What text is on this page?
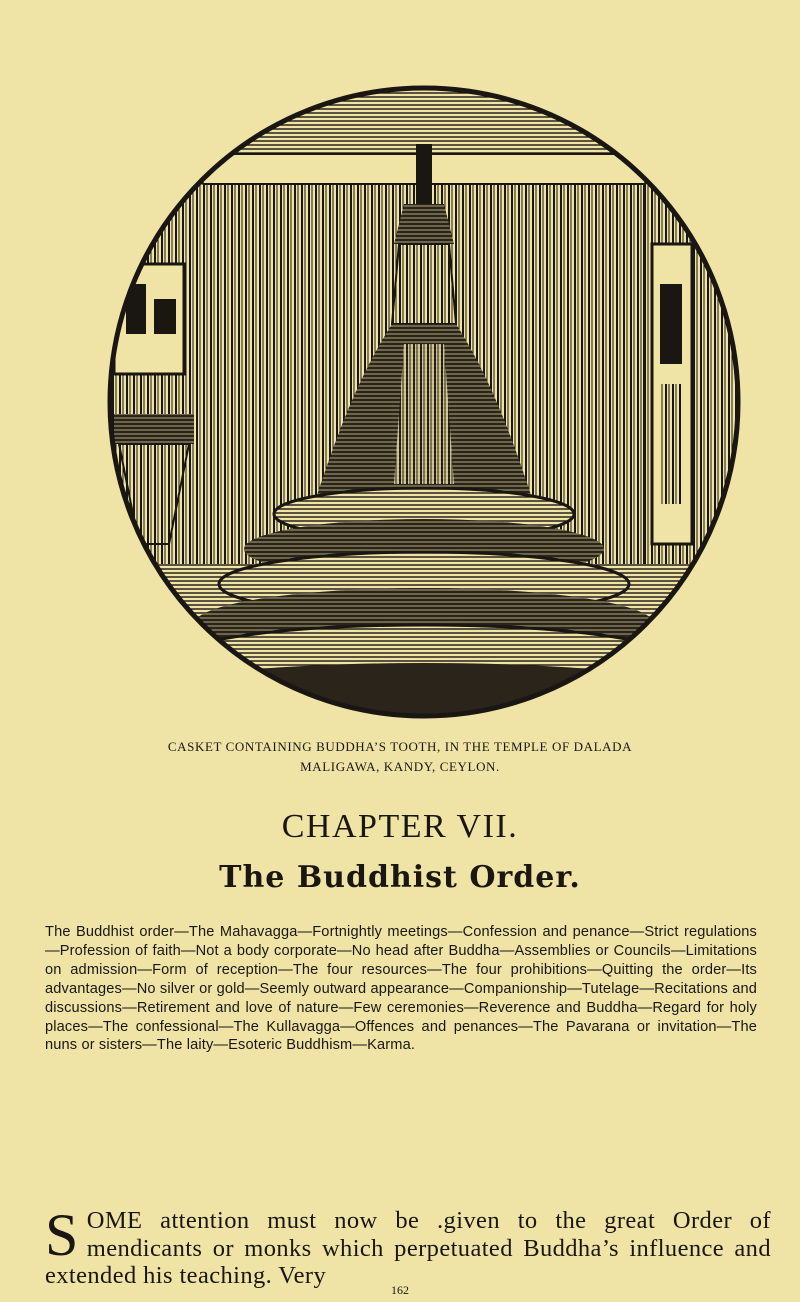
CASKET CONTAINING BUDDHA’S TOOTH, IN THE TEMPLE OF DALADA
MALIGAWA, KANDY, CEYLON.
CHAPTER VII.
The Buddhist Order.
The Buddhist order—The Mahavagga—Fortnightly meetings—Confession and penance—Strict regulations—Profession of faith—Not a body corporate—No head after Buddha—Assemblies or Councils—Limitations on admission—Form of reception—The four resources—The four prohibitions—Quitting the order—Its advantages—No silver or gold—Seemly outward appearance—Companionship—Tutelage—Recitations and discussions—Retirement and love of nature—Few ceremonies—Reverence and Buddha—Regard for holy places—The confessional—The Kullavagga—Offences and penances—The Pavarana or invitation—The nuns or sisters—The laity—Esoteric Buddhism—Karma.
SOME attention must now be .given to the great Order of mendicants or monks which perpetuated Buddha’s influence and extended his teaching. Very
162
